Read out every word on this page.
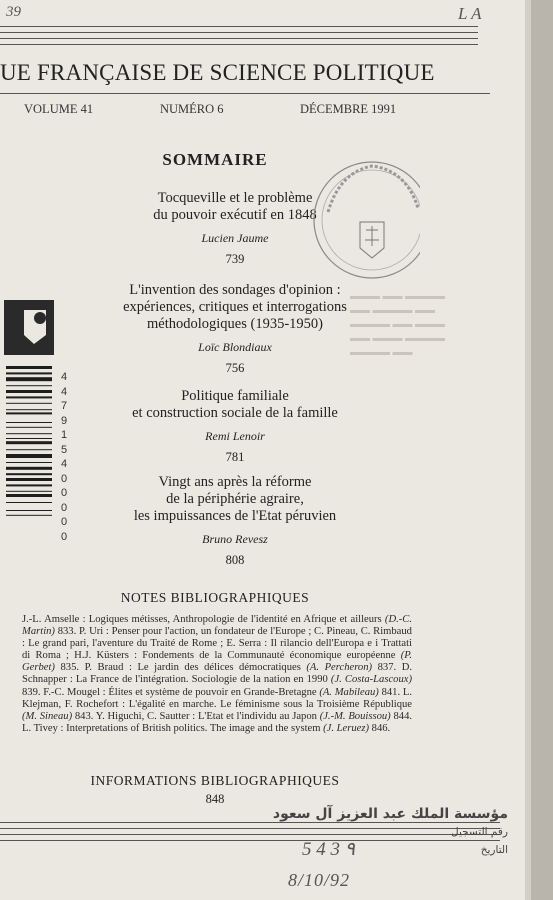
39	L A
UE FRANÇAISE DE SCIENCE POLITIQUE
VOLUME 41	NUMÉRO 6	DÉCEMBRE 1991
SOMMAIRE
▬▬▬ ▬▬ ▬▬▬▬
▬▬ ▬▬▬▬ ▬▬
▬▬▬▬ ▬▬ ▬▬▬
▬▬ ▬▬▬ ▬▬▬▬
▬▬▬▬ ▬▬
Tocqueville et le problème
du pouvoir exécutif en 1848
Lucien Jaume
739
L'invention des sondages d'opinion :
expériences, critiques et interrogations
méthodologiques (1935-1950)
Loïc Blondiaux
756
Politique familiale
et construction sociale de la famille
Remi Lenoir
781
Vingt ans après la réforme
de la périphérie agraire,
les impuissances de l'Etat péruvien
Bruno Revesz
808
NOTES BIBLIOGRAPHIQUES
J.-L. Amselle : Logiques métisses, Anthropologie de l'identité en Afrique et ailleurs (D.-C. Martin) 833. P. Uri : Penser pour l'action, un fondateur de l'Europe ; C. Pineau, C. Rimbaud : Le grand pari, l'aventure du Traité de Rome ; E. Serra : Il rilancio dell'Europa e i Trattati di Roma ; H.J. Küsters : Fondements de la Communauté économique européenne (P. Gerbet) 835. P. Braud : Le jardin des délices démocratiques (A. Percheron) 837. D. Schnapper : La France de l'intégration. Sociologie de la nation en 1990 (J. Costa-Lascoux) 839. F.-C. Mougel : Élites et système de pouvoir en Grande-Bretagne (A. Mabileau) 841. L. Klejman, F. Rochefort : L'égalité en marche. Le féminisme sous la Troisième République (M. Sineau) 843. Y. Higuchi, C. Sautter : L'Etat et l'individu au Japon (J.-M. Bouissou) 844. L. Tivey : Interpretations of British politics. The image and the system (J. Leruez) 846.
INFORMATIONS BIBLIOGRAPHIQUES
848
4
4
7
9
1
5
4
0
0
0
0
0
مؤسسة الملك عبد العزيز آل سعود
رقم التسجيل
التاريخ
5 4 3 ٩
8/10/92
